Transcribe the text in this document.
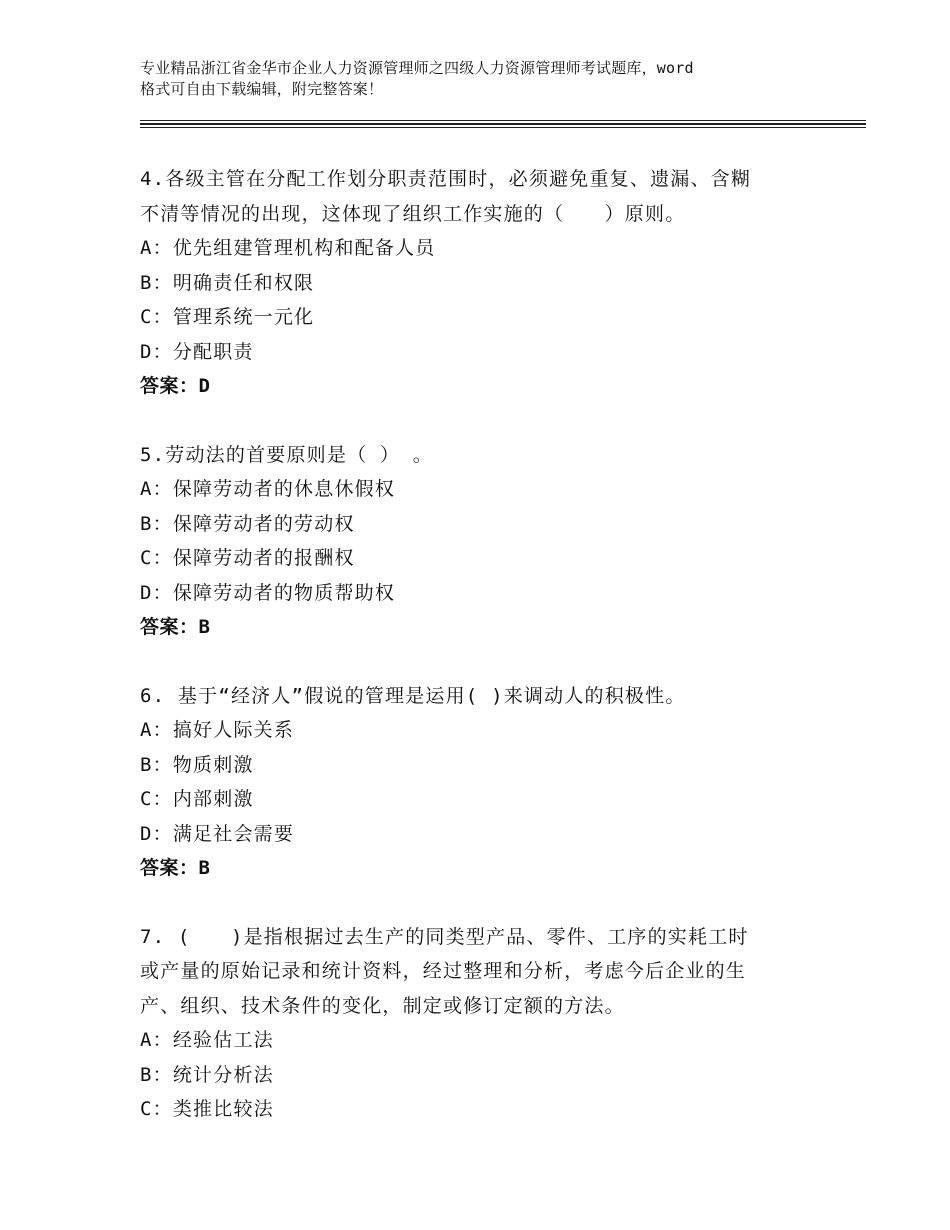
专业精品浙江省金华市企业人力资源管理师之四级人力资源管理师考试题库，word
格式可自由下载编辑，附完整答案！
4.各级主管在分配工作划分职责范围时，必须避免重复、遗漏、含糊
不清等情况的出现，这体现了组织工作实施的（　　）原则。
A：优先组建管理机构和配备人员
B：明确责任和权限
C：管理系统一元化
D：分配职责
答案：D
5.劳动法的首要原则是（ ） 。
A：保障劳动者的休息休假权
B：保障劳动者的劳动权
C：保障劳动者的报酬权
D：保障劳动者的物质帮助权
答案：B
6. 基于“经济人”假说的管理是运用( )来调动人的积极性。
A：搞好人际关系
B：物质刺激
C：内部刺激
D：满足社会需要
答案：B
7. (　　)是指根据过去生产的同类型产品、零件、工序的实耗工时
或产量的原始记录和统计资料，经过整理和分析，考虑今后企业的生
产、组织、技术条件的变化，制定或修订定额的方法。
A：经验估工法
B：统计分析法
C：类推比较法
